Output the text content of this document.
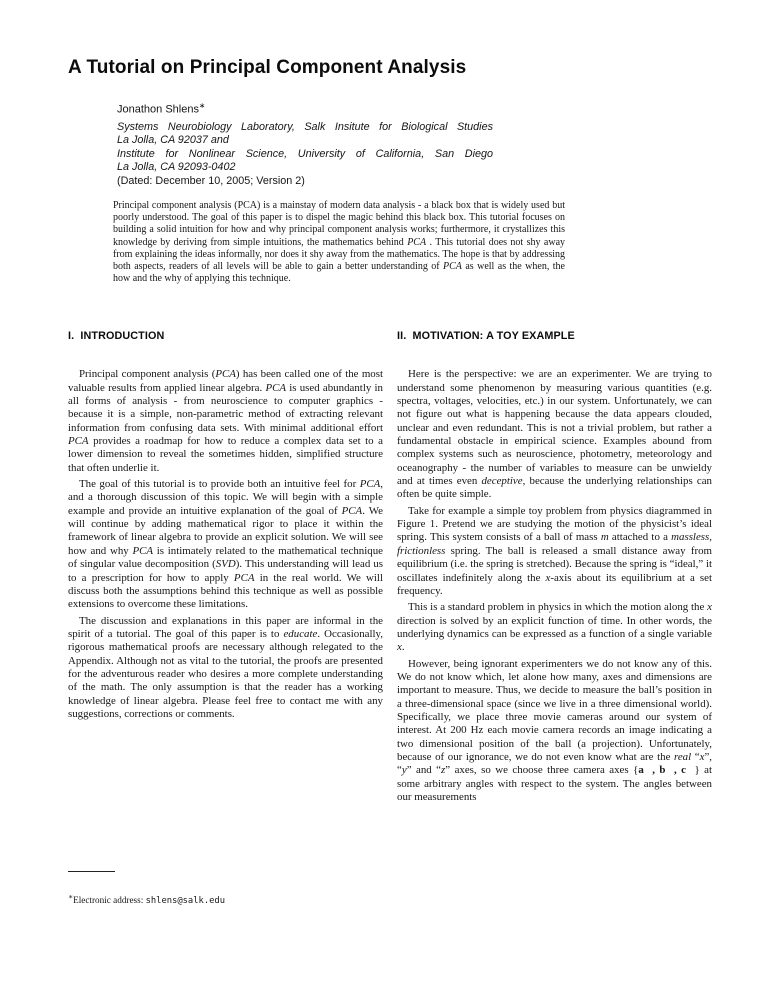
A Tutorial on Principal Component Analysis
Jonathon Shlens∗
Systems Neurobiology Laboratory, Salk Insitute for Biological Studies
La Jolla, CA 92037 and
Institute for Nonlinear Science, University of California, San Diego
La Jolla, CA 92093-0402
(Dated: December 10, 2005; Version 2)

Principal component analysis (PCA) is a mainstay of modern data analysis - a black box that is widely used but poorly understood. The goal of this paper is to dispel the magic behind this black box. This tutorial focuses on building a solid intuition for how and why principal component analysis works; furthermore, it crystallizes this knowledge by deriving from simple intuitions, the mathematics behind PCA . This tutorial does not shy away from explaining the ideas informally, nor does it shy away from the mathematics. The hope is that by addressing both aspects, readers of all levels will be able to gain a better understanding of PCA as well as the when, the how and the why of applying this technique.

I.  INTRODUCTION

Principal component analysis (PCA) has been called one of the most valuable results from applied linear algebra. PCA is used abundantly in all forms of analysis - from neuroscience to computer graphics - because it is a simple, non-parametric method of extracting relevant information from confusing data sets. With minimal additional effort PCA provides a roadmap for how to reduce a complex data set to a lower dimension to reveal the sometimes hidden, simplified structure that often underlie it.

The goal of this tutorial is to provide both an intuitive feel for PCA, and a thorough discussion of this topic. We will begin with a simple example and provide an intuitive explanation of the goal of PCA. We will continue by adding mathematical rigor to place it within the framework of linear algebra to provide an explicit solution. We will see how and why PCA is intimately related to the mathematical technique of singular value decomposition (SVD). This understanding will lead us to a prescription for how to apply PCA in the real world. We will discuss both the assumptions behind this technique as well as possible extensions to overcome these limitations.

The discussion and explanations in this paper are informal in the spirit of a tutorial. The goal of this paper is to educate. Occasionally, rigorous mathematical proofs are necessary although relegated to the Appendix. Although not as vital to the tutorial, the proofs are presented for the adventurous reader who desires a more complete understanding of the math. The only assumption is that the reader has a working knowledge of linear algebra. Please feel free to contact me with any suggestions, corrections or comments.

II.  MOTIVATION: A TOY EXAMPLE

Here is the perspective: we are an experimenter. We are trying to understand some phenomenon by measuring various quantities (e.g. spectra, voltages, velocities, etc.) in our system. Unfortunately, we can not figure out what is happening because the data appears clouded, unclear and even redundant. This is not a trivial problem, but rather a fundamental obstacle in empirical science. Examples abound from complex systems such as neuroscience, photometry, meteorology and oceanography - the number of variables to measure can be unwieldy and at times even deceptive, because the underlying relationships can often be quite simple.

Take for example a simple toy problem from physics diagrammed in Figure 1. Pretend we are studying the motion of the physicist’s ideal spring. This system consists of a ball of mass m attached to a massless, frictionless spring. The ball is released a small distance away from equilibrium (i.e. the spring is stretched). Because the spring is “ideal,” it oscillates indefinitely along the x-axis about its equilibrium at a set frequency.

This is a standard problem in physics in which the motion along the x direction is solved by an explicit function of time. In other words, the underlying dynamics can be expressed as a function of a single variable x.

However, being ignorant experimenters we do not know any of this. We do not know which, let alone how many, axes and dimensions are important to measure. Thus, we decide to measure the ball’s position in a three-dimensional space (since we live in a three dimensional world). Specifically, we place three movie cameras around our system of interest. At 200 Hz each movie camera records an image indicating a two dimensional position of the ball (a projection). Unfortunately, because of our ignorance, we do not even know what are the real “x”, “y” and “z” axes, so we choose three camera axes {a⃗, b⃗, c⃗} at some arbitrary angles with respect to the system. The angles between our measurements

∗Electronic address: shlens@salk.edu
